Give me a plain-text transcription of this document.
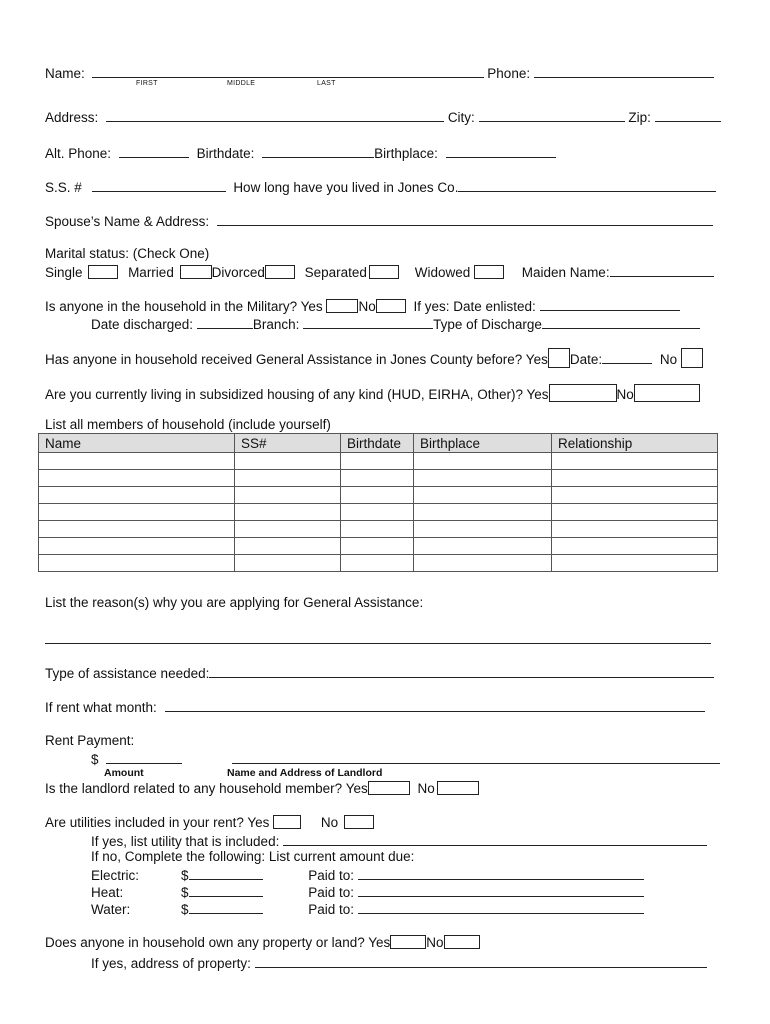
Name:	Phone:
FIRST	MIDDLE	LAST
Address:	City:	Zip:
Alt. Phone:	Birthdate:	Birthplace:
S.S. #	How long have you lived in Jones Co.
Spouse’s Name & Address:
Marital status: (Check One)
Single	Married	Divorced	Separated	Widowed	Maiden Name:
Is anyone in the household in the Military? Yes	No	If yes: Date enlisted:
Date discharged:	Branch:	Type of Discharge
Has anyone in household received General Assistance in Jones County before? Yes Date:	No
Are you currently living in subsidized housing of any kind (HUD, EIRHA, Other)? Yes	No
List all members of household (include yourself)
Name	SS#	Birthdate	Birthplace	Relationship

List the reason(s) why you are applying for General Assistance:
Type of assistance needed:
If rent what month:
Rent Payment:
$
Amount	Name and Address of Landlord
Is the landlord related to any household member? Yes	No
Are utilities included in your rent? Yes	No
If yes, list utility that is included:
If no, Complete the following: List current amount due:
Electric:	$	Paid to:
Heat:	$	Paid to:
Water:	$	Paid to:
Does anyone in household own any property or land? Yes	No
If yes, address of property:
